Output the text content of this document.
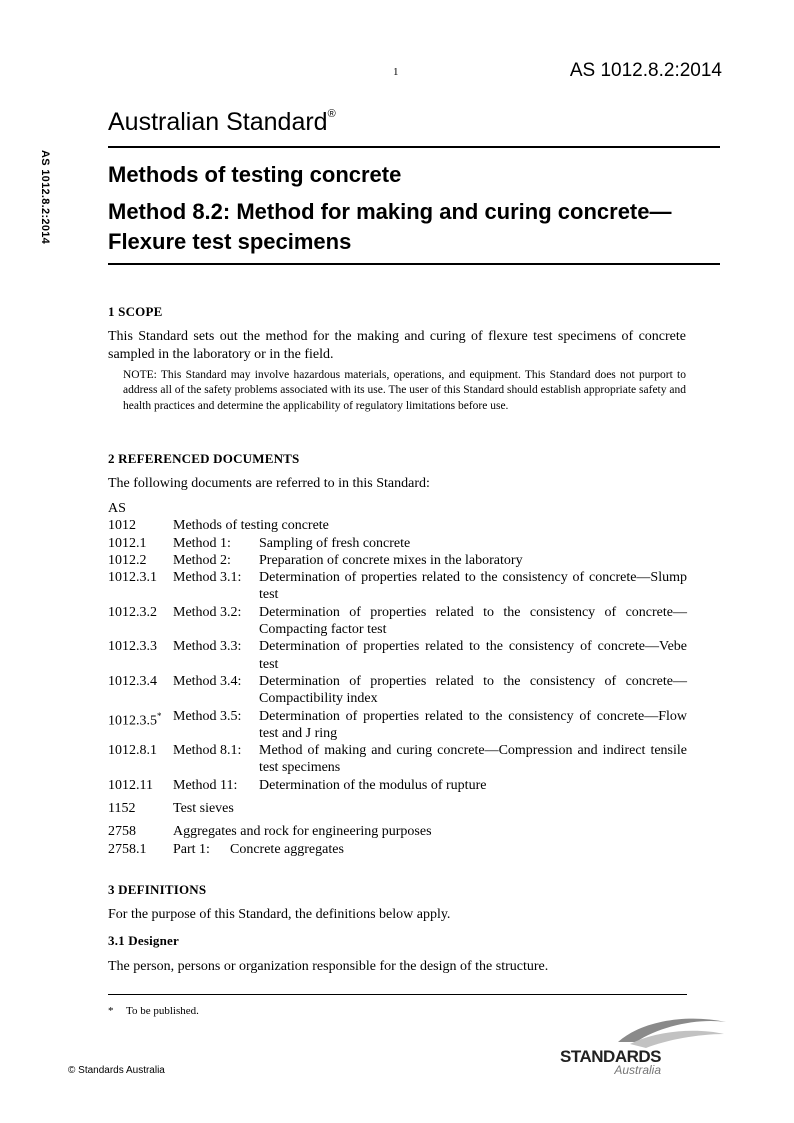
1	AS 1012.8.2:2014
Australian Standard®
AS 1012.8.2:2014	Methods of testing concrete
Method 8.2: Method for making and curing concrete—Flexure test specimens
1 SCOPE
This Standard sets out the method for the making and curing of flexure test specimens of concrete sampled in the laboratory or in the field.
NOTE: This Standard may involve hazardous materials, operations, and equipment. This Standard does not purport to address all of the safety problems associated with its use. The user of this Standard should establish appropriate safety and health practices and determine the applicability of regulatory limitations before use.
2 REFERENCED DOCUMENTS
The following documents are referred to in this Standard:
AS
1012	Methods of testing concrete
1012.1 Method 1: Sampling of fresh concrete
1012.2 Method 2: Preparation of concrete mixes in the laboratory
1012.3.1 Method 3.1: Determination of properties related to the consistency of concrete—Slump test
1012.3.2 Method 3.2: Determination of properties related to the consistency of concrete—Compacting factor test
1012.3.3 Method 3.3: Determination of properties related to the consistency of concrete—Vebe test
1012.3.4 Method 3.4: Determination of properties related to the consistency of concrete—Compactibility index
1012.3.5* Method 3.5: Determination of properties related to the consistency of concrete—Flow test and J ring
1012.8.1 Method 8.1: Method of making and curing concrete—Compression and indirect tensile test specimens
1012.11 Method 11: Determination of the modulus of rupture
1152	Test sieves
2758	Aggregates and rock for engineering purposes
2758.1 Part 1: Concrete aggregates
3 DEFINITIONS
For the purpose of this Standard, the definitions below apply.
3.1 Designer
The person, persons or organization responsible for the design of the structure.
* To be published.
© Standards Australia
STANDARDS
Australia
